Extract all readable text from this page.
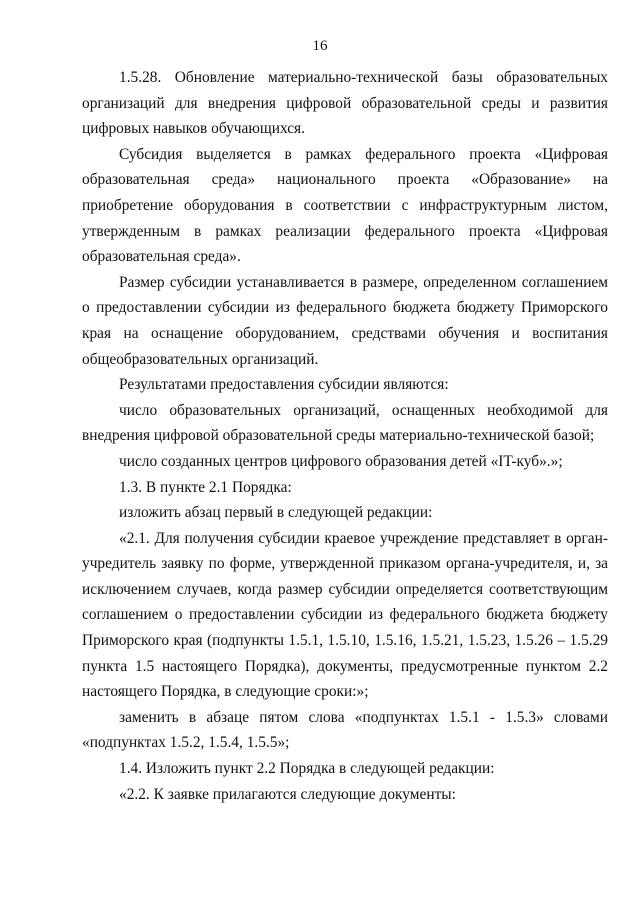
16

1.5.28. Обновление материально-технической базы образовательных организаций для внедрения цифровой образовательной среды и развития цифровых навыков обучающихся.

Субсидия выделяется в рамках федерального проекта «Цифровая образовательная среда» национального проекта «Образование» на приобретение оборудования в соответствии с инфраструктурным листом, утвержденным в рамках реализации федерального проекта «Цифровая образовательная среда».

Размер субсидии устанавливается в размере, определенном соглашением о предоставлении субсидии из федерального бюджета бюджету Приморского края на оснащение оборудованием, средствами обучения и воспитания общеобразовательных организаций.

Результатами предоставления субсидии являются:

число образовательных организаций, оснащенных необходимой для внедрения цифровой образовательной среды материально-технической базой;

число созданных центров цифрового образования детей «IT-куб».»;

1.3. В пункте 2.1 Порядка:

изложить абзац первый в следующей редакции:

«2.1. Для получения субсидии краевое учреждение представляет в орган-учредитель заявку по форме, утвержденной приказом органа-учредителя, и, за исключением случаев, когда размер субсидии определяется соответствующим соглашением о предоставлении субсидии из федерального бюджета бюджету Приморского края (подпункты 1.5.1, 1.5.10, 1.5.16, 1.5.21, 1.5.23, 1.5.26 – 1.5.29 пункта 1.5 настоящего Порядка), документы, предусмотренные пунктом 2.2 настоящего Порядка, в следующие сроки:»;

заменить в абзаце пятом слова «подпунктах 1.5.1 - 1.5.3» словами «подпунктах 1.5.2, 1.5.4, 1.5.5»;

1.4. Изложить пункт 2.2 Порядка в следующей редакции:

«2.2. К заявке прилагаются следующие документы:
